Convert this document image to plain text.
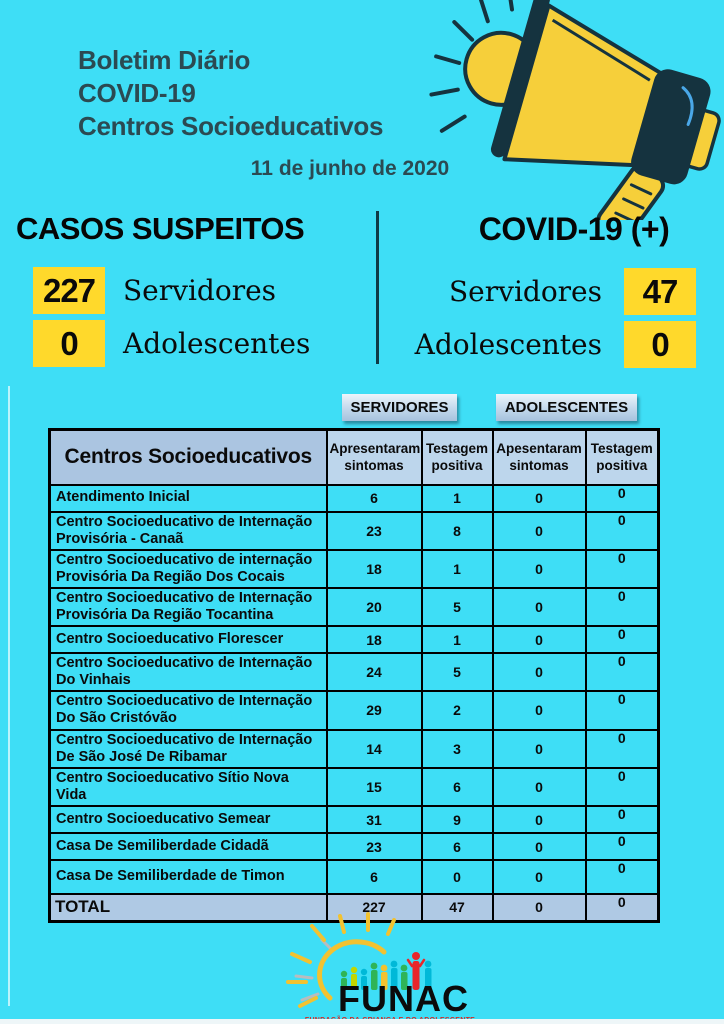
Boletim Diário
COVID-19
Centros Socioeducativos
11 de junho de 2020
CASOS SUSPEITOS	COVID-19 (+)
227 Servidores
0	Adolescentes
Servidores	47
Adolescentes	0
SERVIDORES	ADOLESCENTES
Centros Socioeducativos	Apresentaram sintomas	Testagem positiva	Apesentaram sintomas	Testagem positiva
Atendimento Inicial	6	1	0	0
Centro Socioeducativo de Internação Provisória - Canaã	23	8	0	0
Centro Socioeducativo de internação Provisória Da Região Dos Cocais	18	1	0	0
Centro Socioeducativo de Internação Provisória Da Região Tocantina	20	5	0	0
Centro Socioeducativo Florescer	18	1	0	0
Centro Socioeducativo de Internação Do Vinhais	24	5	0	0
Centro Socioeducativo de Internação Do São Cristóvão	29	2	0	0
Centro Socioeducativo de Internação De São José De Ribamar	14	3	0	0
Centro Socioeducativo Sítio Nova Vida	15	6	0	0
Centro Socioeducativo Semear	31	9	0	0
Casa De Semiliberdade Cidadã	23	6	0	0
Casa De Semiliberdade de Timon	6	0	0	0
TOTAL	227	47	0	0
FUNAC
